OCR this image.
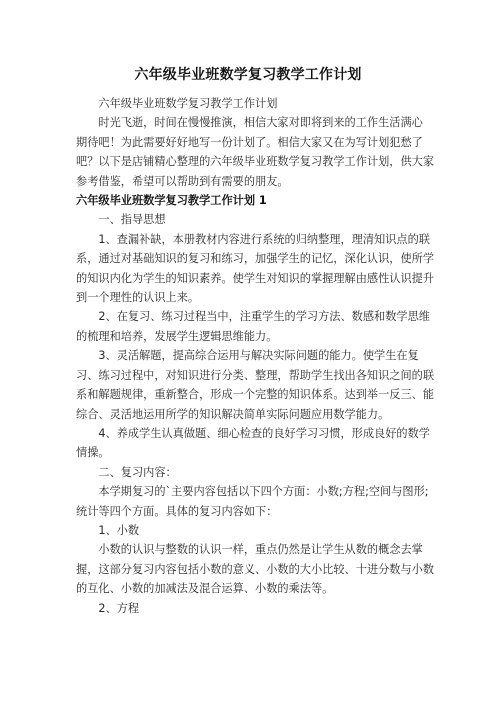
六年级毕业班数学复习教学工作计划

六年级毕业班数学复习教学工作计划

时光飞逝，时间在慢慢推演，相信大家对即将到来的工作生活满心期待吧！为此需要好好地写一份计划了。相信大家又在为写计划犯愁了吧？以下是店铺精心整理的六年级毕业班数学复习教学工作计划，供大家参考借鉴，希望可以帮助到有需要的朋友。

六年级毕业班数学复习教学工作计划 1

一、指导思想

1、查漏补缺，本册教材内容进行系统的归纳整理，理清知识点的联系，通过对基础知识的复习和练习，加强学生的记忆，深化认识，使所学的知识内化为学生的知识素养。使学生对知识的掌握理解由感性认识提升到一个理性的认识上来。

2、在复习、练习过程当中，注重学生的学习方法、数感和数学思维的梳理和培养，发展学生逻辑思维能力。

3、灵活解题，提高综合运用与解决实际问题的能力。使学生在复习、练习过程中，对知识进行分类、整理，帮助学生找出各知识之间的联系和解题规律，重新整合，形成一个完整的知识体系。达到举一反三、能综合、灵活地运用所学的知识解决简单实际问题应用数学能力。

4、养成学生认真做题、细心检查的良好学习习惯，形成良好的数学情操。

二、复习内容：

本学期复习的`主要内容包括以下四个方面：小数;方程;空间与图形;统计等四个方面。具体的复习内容如下：

1、小数

小数的认识与整数的认识一样，重点仍然是让学生从数的概念去掌握，这部分复习内容包括小数的意义、小数的大小比较、十进分数与小数的互化、小数的加减法及混合运算、小数的乘法等。

2、方程
